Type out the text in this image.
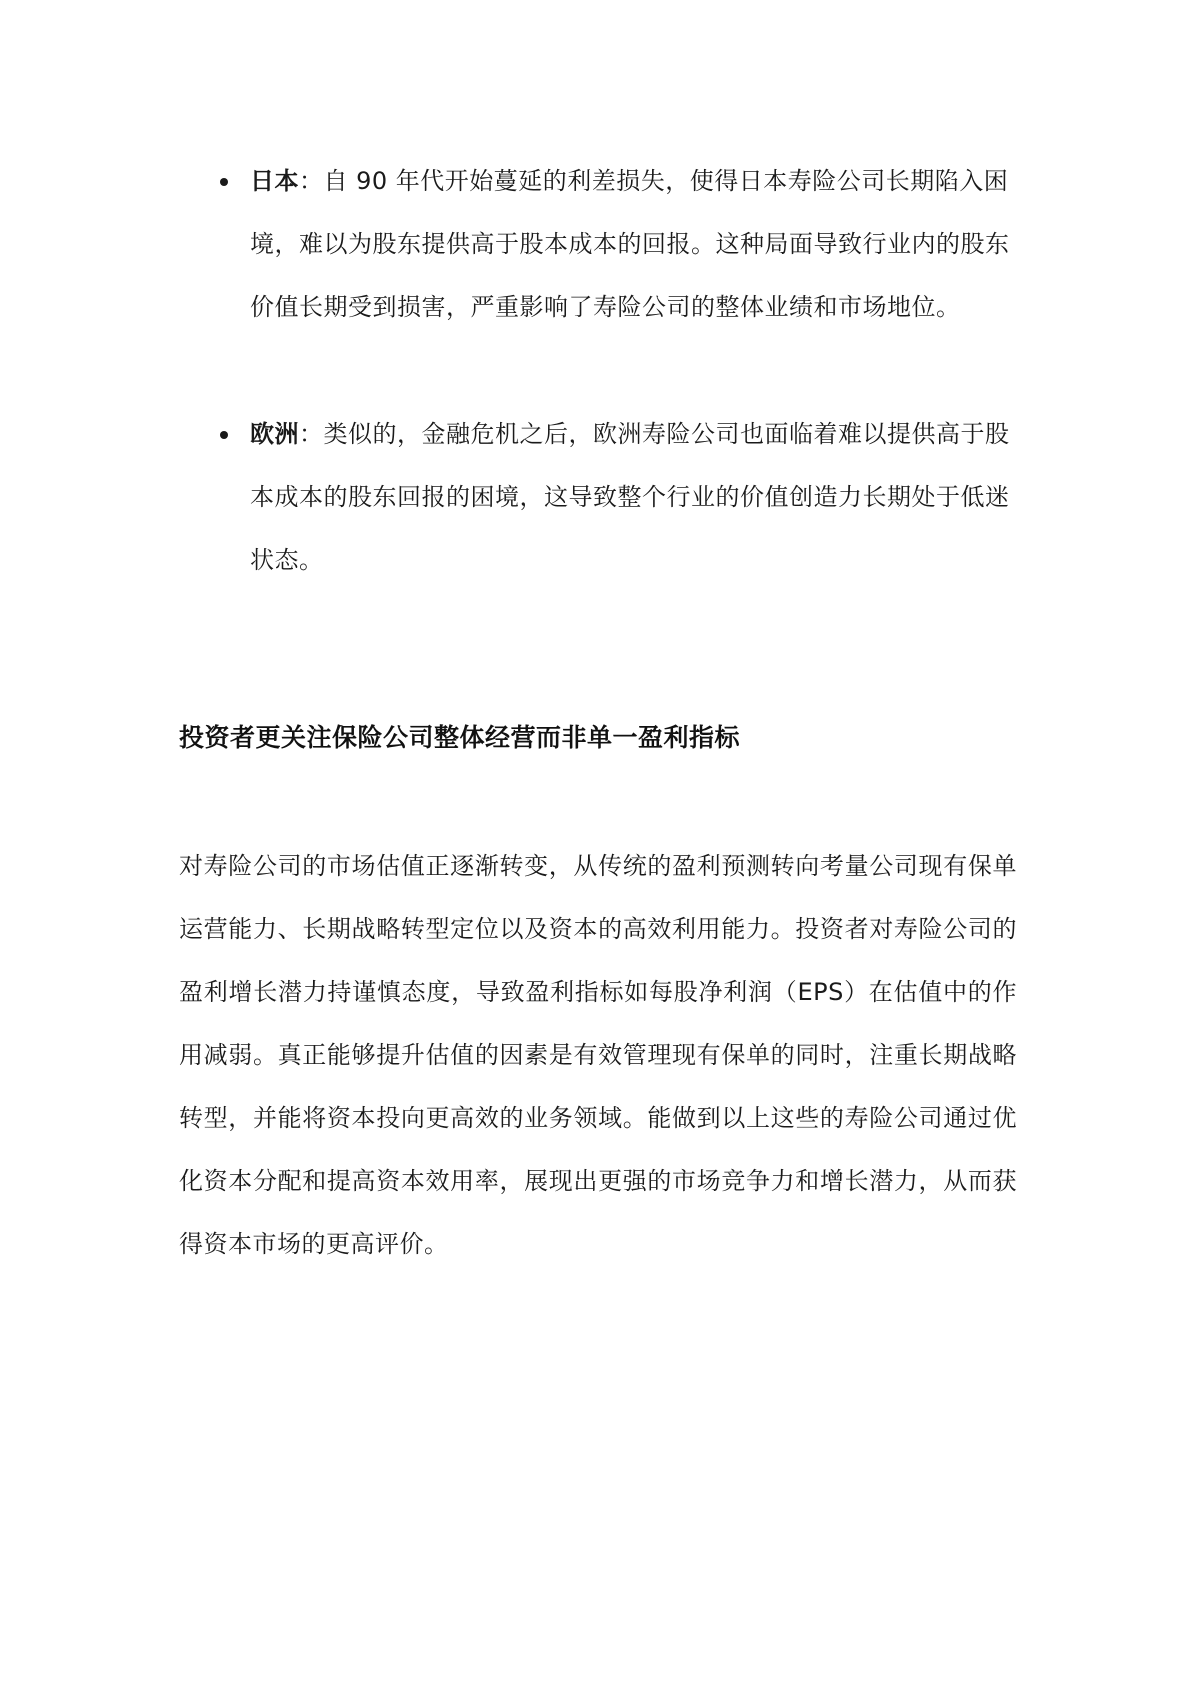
日本：自 90 年代开始蔓延的利差损失，使得日本寿险公司长期陷入困境，难以为股东提供高于股本成本的回报。这种局面导致行业内的股东价值长期受到损害，严重影响了寿险公司的整体业绩和市场地位。
欧洲：类似的，金融危机之后，欧洲寿险公司也面临着难以提供高于股本成本的股东回报的困境，这导致整个行业的价值创造力长期处于低迷状态。
投资者更关注保险公司整体经营而非单一盈利指标

对寿险公司的市场估值正逐渐转变，从传统的盈利预测转向考量公司现有保单运营能力、长期战略转型定位以及资本的高效利用能力。投资者对寿险公司的盈利增长潜力持谨慎态度，导致盈利指标如每股净利润（EPS）在估值中的作用减弱。真正能够提升估值的因素是有效管理现有保单的同时，注重长期战略转型，并能将资本投向更高效的业务领域。能做到以上这些的寿险公司通过优化资本分配和提高资本效用率，展现出更强的市场竞争力和增长潜力，从而获得资本市场的更高评价。
